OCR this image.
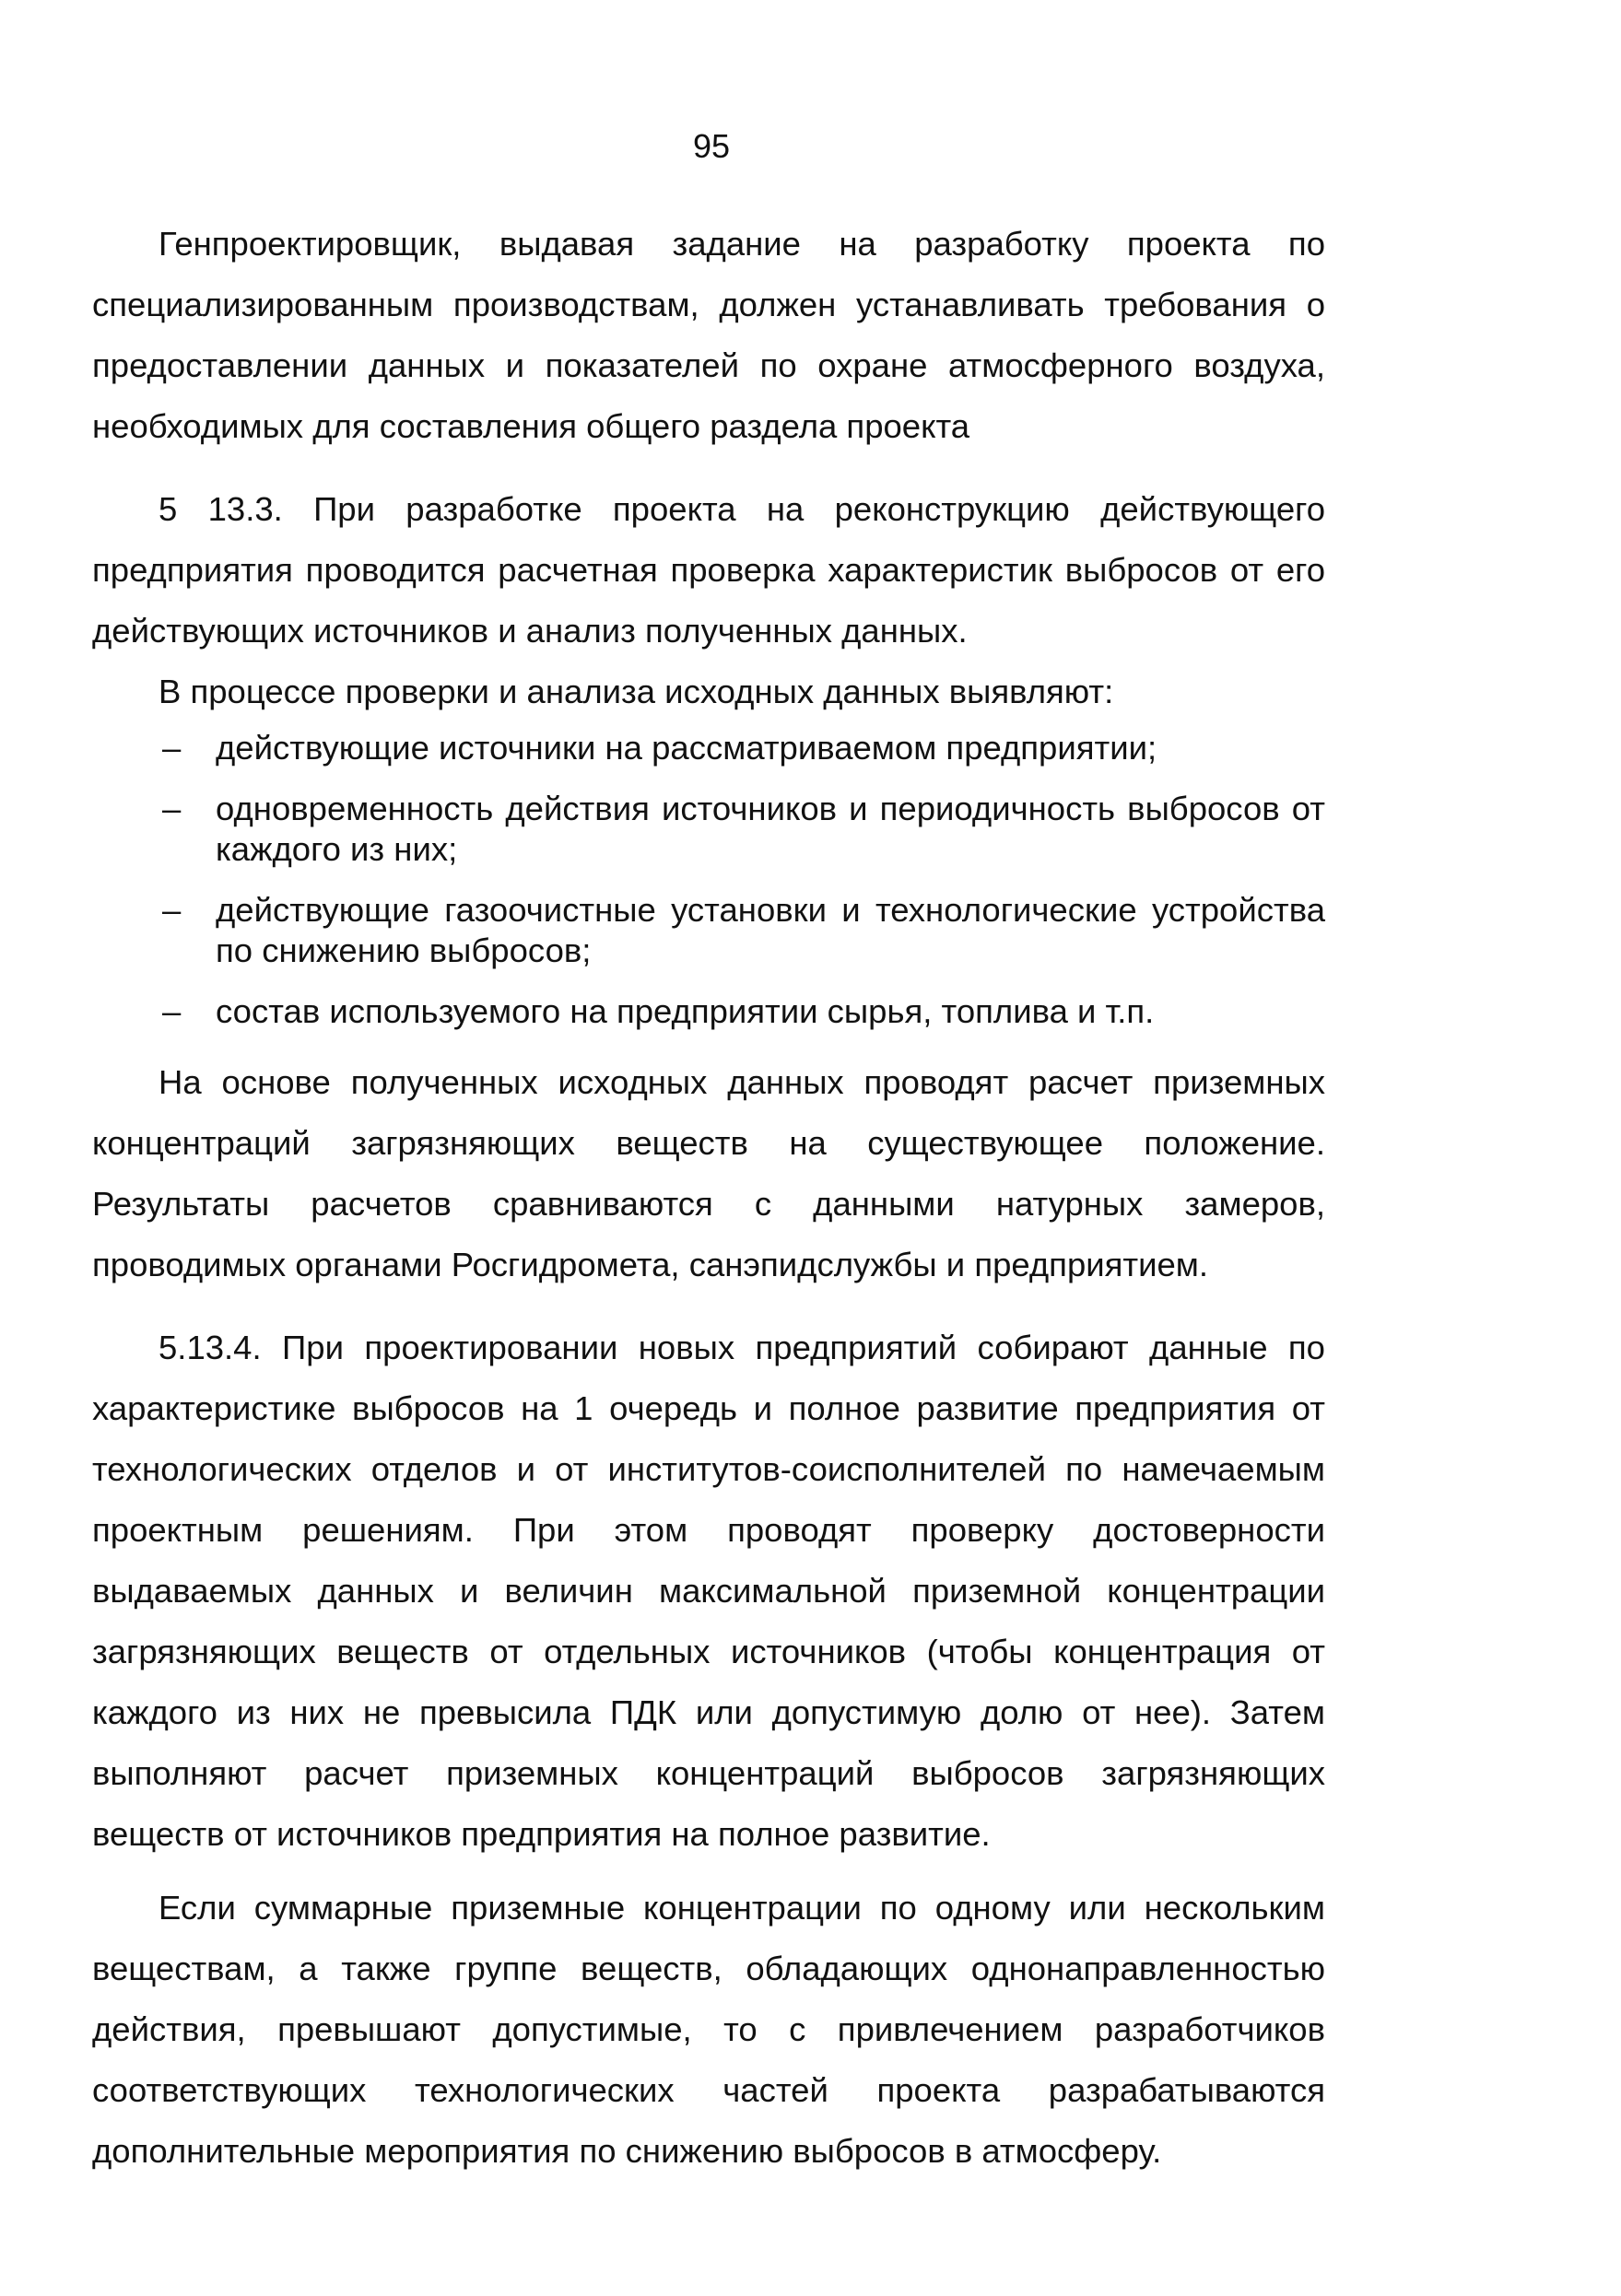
95

Генпроектировщик, выдавая задание на разработку проекта по специализированным производствам, должен устанавливать требования о предоставлении данных и показателей по охране атмосферного воздуха, необходимых для составления общего раздела проекта

5 13.3. При разработке проекта на реконструкцию действующего предприятия проводится расчетная проверка характеристик выбросов от его действующих источников и анализ полученных данных.

В процессе проверки и анализа исходных данных выявляют:

– действующие источники на рассматриваемом предприятии;
– одновременность действия источников и периодичность выбросов от каждого из них;
– действующие газоочистные установки и технологические устройства по снижению выбросов;
– состав используемого на предприятии сырья, топлива и т.п.

На основе полученных исходных данных проводят расчет приземных концентраций загрязняющих веществ на существующее положение. Результаты расчетов сравниваются с данными натурных замеров, проводимых органами Росгидромета, санэпидслужбы и предприятием.

5.13.4. При проектировании новых предприятий собирают данные по характеристике выбросов на 1 очередь и полное развитие предприятия от технологических отделов и от институтов-соисполнителей по намечаемым проектным решениям. При этом проводят проверку достоверности выдаваемых данных и величин максимальной приземной концентрации загрязняющих веществ от отдельных источников (чтобы концентрация от каждого из них не превысила ПДК или допустимую долю от нее). Затем выполняют расчет приземных концентраций выбросов загрязняющих веществ от источников предприятия на полное развитие.

Если суммарные приземные концентрации по одному или нескольким веществам, а также группе веществ, обладающих однонаправленностью действия, превышают допустимые, то с привлечением разработчиков соответствующих технологических частей проекта разрабатываются дополнительные мероприятия по снижению выбросов в атмосферу.
